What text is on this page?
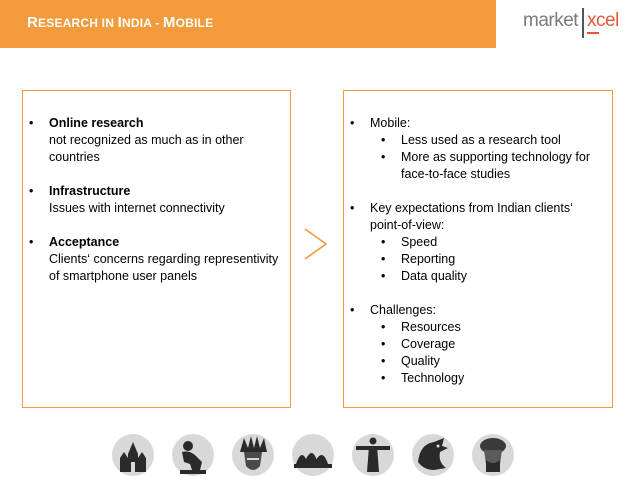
RESEARCH IN INDIA - MOBILE	market xcel
• Online research
not recognized as much as in other countries
• Infrastructure
Issues with internet connectivity
• Acceptance
Clients‘ concerns regarding representivity of smartphone user panels
• Mobile:
• Less used as a research tool
• More as supporting technology for face-to-face studies
• Key expectations from Indian clients‘ point-of-view:
• Speed
• Reporting
• Data quality
• Challenges:
• Resources
• Coverage
• Quality
• Technology
